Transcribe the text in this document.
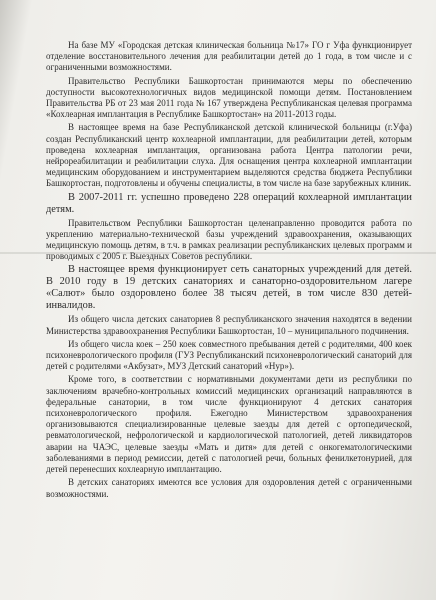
На базе МУ «Городская детская клиническая больница №17» ГО г Уфа функционирует отделение восстановительного лечения для реабилитации детей до 1 года, в том числе и с ограниченными возможностями.

Правительство Республики Башкортостан принимаются меры по обеспечению доступности высокотехнологичных видов медицинской помощи детям. Постановлением Правительства РБ от 23 мая 2011 года № 167 утверждена Республиканская целевая программа «Кохлеарная имплантация в Республике Башкортостан» на 2011-2013 годы.

В настоящее время на базе Республиканской детской клинической больницы (г.Уфа) создан Республиканский центр кохлеарной имплантации, для реабилитации детей, которым проведена кохлеарная имплантация, организована работа Центра патологии речи, нейрореабилитации и реабилитации слуха. Для оснащения центра кохлеарной имплантации медицинским оборудованием и инструментарием выделяются средства бюджета Республики Башкортостан, подготовлены и обучены специалисты, в том числе на базе зарубежных клиник.

В 2007-2011 гг. успешно проведено 228 операций кохлеарной имплантации детям.

Правительством Республики Башкортостан целенаправленно проводится работа по укреплению материально-технической базы учреждений здравоохранения, оказывающих медицинскую помощь детям, в т.ч. в рамках реализации республиканских целевых программ и проводимых с 2005 г. Выездных Советов республики.

В настоящее время функционирует сеть санаторных учреждений для детей. В 2010 году в 19 детских санаториях и санаторно-оздоровительном лагере «Салют» было оздоровлено более 38 тысяч детей, в том числе 830 детей-инвалидов.

Из общего числа детских санаториев 8 республиканского значения находятся в ведении Министерства здравоохранения Республики Башкортостан, 10 – муниципального подчинения.

Из общего числа коек – 250 коек совместного пребывания детей с родителями, 400 коек психоневрологического профиля (ГУЗ Республиканский психоневрологический санаторий для детей с родителями «Акбузат», МУЗ Детский санаторий «Нур»).

Кроме того, в соответствии с нормативными документами дети из республики по заключениям врачебно-контрольных комиссий медицинских организаций направляются в федеральные санатории, в том числе функционируют 4 детских санатория психоневрологического профиля. Ежегодно Министерством здравоохранения организовываются специализированные целевые заезды для детей с ортопедической, ревматологической, нефрологической и кардиологической патологией, детей ликвидаторов аварии на ЧАЭС, целевые заезды «Мать и дитя» для детей с онкогематологическими заболеваниями в период ремиссии, детей с патологией речи, больных фенилкетонурией, для детей перенесших кохлеарную имплантацию.

В детских санаториях имеются все условия для оздоровления детей с ограниченными возможностями.
